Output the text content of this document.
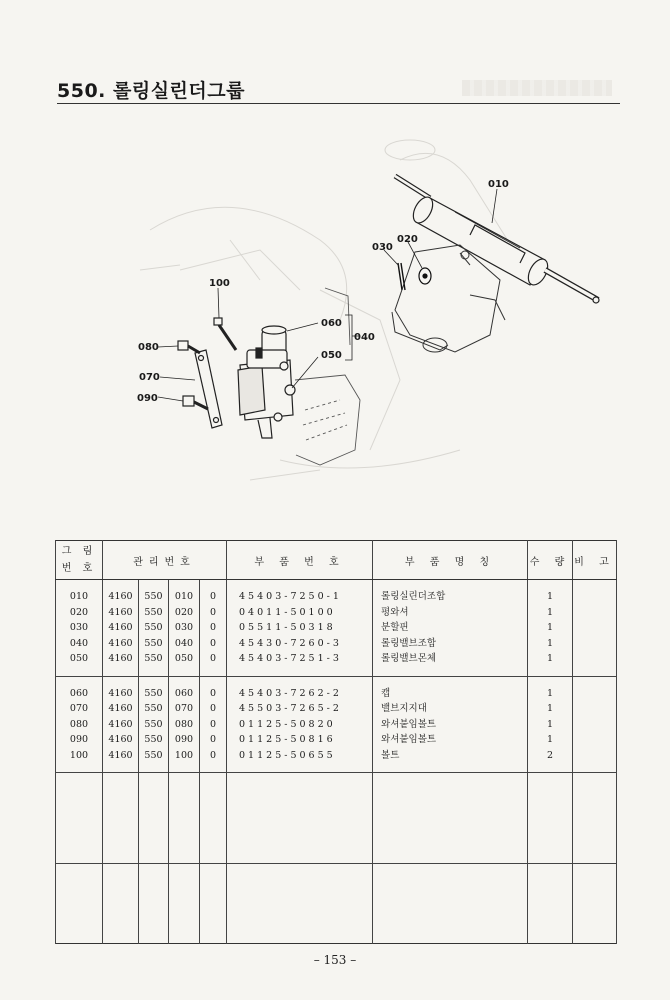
550. 롤링실린더그룹
010
020
030
100
060
040
080
050
070
090
그 림
번 호	관리번호				부 품 번 호	부 품 명 칭	수 량	비 고

010	4160	550	010	0	45403-7250-1	롤링실린더조합	1	
020	4160	550	020	0	04011-50100	평와셔	1	
030	4160	550	030	0	05511-50318	분할핀	1	
040	4160	550	040	0	45430-7260-3	롤링밸브조합	1	
050	4160	550	050	0	45403-7251-3	롤링밸브몬체	1	

060	4160	550	060	0	45403-7262-2	캡	1	
070	4160	550	070	0	45503-7265-2	밸브지지대	1	
080	4160	550	080	0	01125-50820	와셔붙임볼트	1	
090	4160	550	090	0	01125-50816	와셔붙임볼트	1	
100	4160	550	100	0	01125-50655	볼트	2	

– 153 –
